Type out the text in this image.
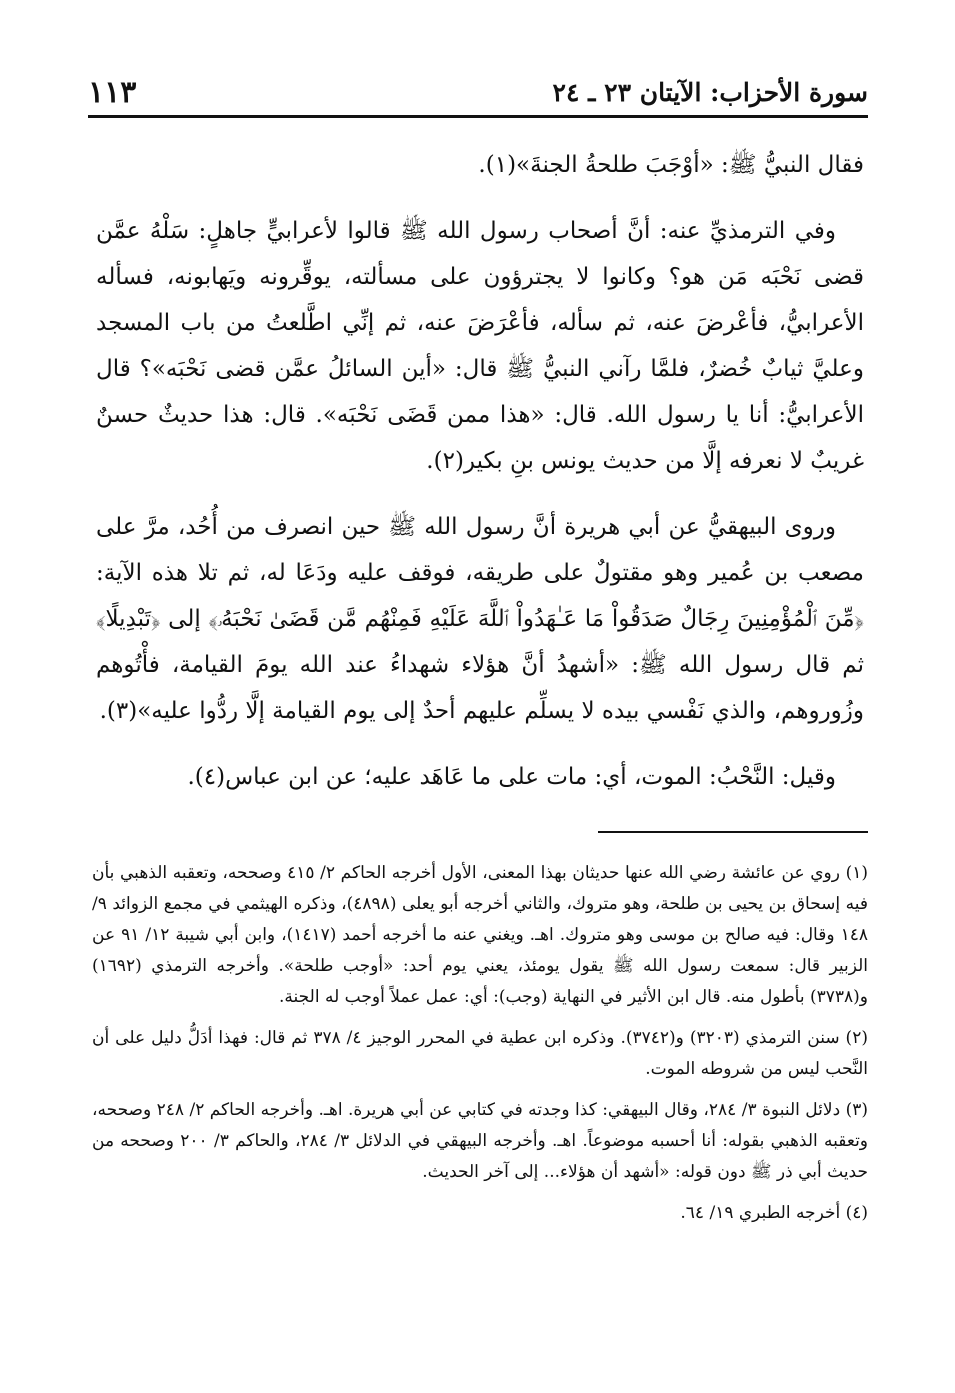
سورة الأحزاب: الآيتان ٢٣ ـ ٢٤
١١٣

فقال النبيُّ ﷺ: «أوْجَبَ طلحةُ الجنةَ»(١).

وفي الترمذيِّ عنه: أنَّ أصحاب رسول الله ﷺ قالوا لأعرابيٍّ جاهلٍ: سَلْهُ عمَّن قضى نَحْبَه مَن هو؟ وكانوا لا يجترؤون على مسألته، يوقِّرونه ويَهابونه، فسأله الأعرابيُّ، فأعْرضَ عنه، ثم سأله، فأعْرَضَ عنه، ثم إنِّي اطَّلعتُ من باب المسجد وعليَّ ثيابٌ خُضرٌ، فلمَّا رآني النبيُّ ﷺ قال: «أين السائلُ عمَّن قضى نَحْبَه»؟ قال الأعرابيُّ: أنا يا رسول الله. قال: «هذا ممن قَضَى نَحْبَه». قال: هذا حديثٌ حسنٌ غريبٌ لا نعرفه إلَّا من حديث يونس بنِ بكير(٢).

وروى البيهقيُّ عن أبي هريرة أنَّ رسول الله ﷺ حين انصرف من أُحُد، مرَّ على مصعب بن عُمير وهو مقتولٌ على طريقه، فوقف عليه ودَعَا له، ثم تلا هذه الآية: ﴿مِّنَ ٱلْمُؤْمِنِينَ رِجَالٌ صَدَقُواْ مَا عَـٰهَدُواْ ٱللَّهَ عَلَيْهِ فَمِنْهُم مَّن قَضَىٰ نَحْبَهُۥ﴾ إلى ﴿تَبْدِيلًا﴾ ثم قال رسول الله ﷺ: «أشهدُ أنَّ هؤلاء شهداءُ عند الله يومَ القيامة، فأْتُوهم وزُوروهم، والذي نَفْسي بيده لا يسلِّم عليهم أحدٌ إلى يوم القيامة إلَّا ردُّوا عليه»(٣).

وقيل: النَّحْبُ: الموت، أي: مات على ما عَاهَد عليه؛ عن ابن عباس(٤).

(١) روي عن عائشة رضي الله عنها حديثان بهذا المعنى، الأول أخرجه الحاكم ٢/ ٤١٥ وصححه، وتعقبه الذهبي بأن فيه إسحاق بن يحيى بن طلحة، وهو متروك، والثاني أخرجه أبو يعلى (٤٨٩٨)، وذكره الهيثمي في مجمع الزوائد ٩/ ١٤٨ وقال: فيه صالح بن موسى وهو متروك. اهـ. ويغني عنه ما أخرجه أحمد (١٤١٧)، وابن أبي شيبة ١٢/ ٩١ عن الزبير قال: سمعت رسول الله ﷺ يقول يومئذ، يعني يوم أحد: «أوجب طلحة». وأخرجه الترمذي (١٦٩٢) و(٣٧٣٨) بأطول منه. قال ابن الأثير في النهاية (وجب): أي: عمل عملاً أوجب له الجنة.
(٢) سنن الترمذي (٣٢٠٣) و(٣٧٤٢). وذكره ابن عطية في المحرر الوجيز ٤/ ٣٧٨ ثم قال: فهذا أدَلُّ دليل على أن النَّحب ليس من شروطه الموت.
(٣) دلائل النبوة ٣/ ٢٨٤، وقال البيهقي: كذا وجدته في كتابي عن أبي هريرة. اهـ. وأخرجه الحاكم ٢/ ٢٤٨ وصححه، وتعقبه الذهبي بقوله: أنا أحسبه موضوعاً. اهـ. وأخرجه البيهقي في الدلائل ٣/ ٢٨٤، والحاكم ٣/ ٢٠٠ وصححه من حديث أبي ذر ﷺ دون قوله: «أشهد أن هؤلاء... إلى آخر الحديث.
(٤) أخرجه الطبري ١٩/ ٦٤.
